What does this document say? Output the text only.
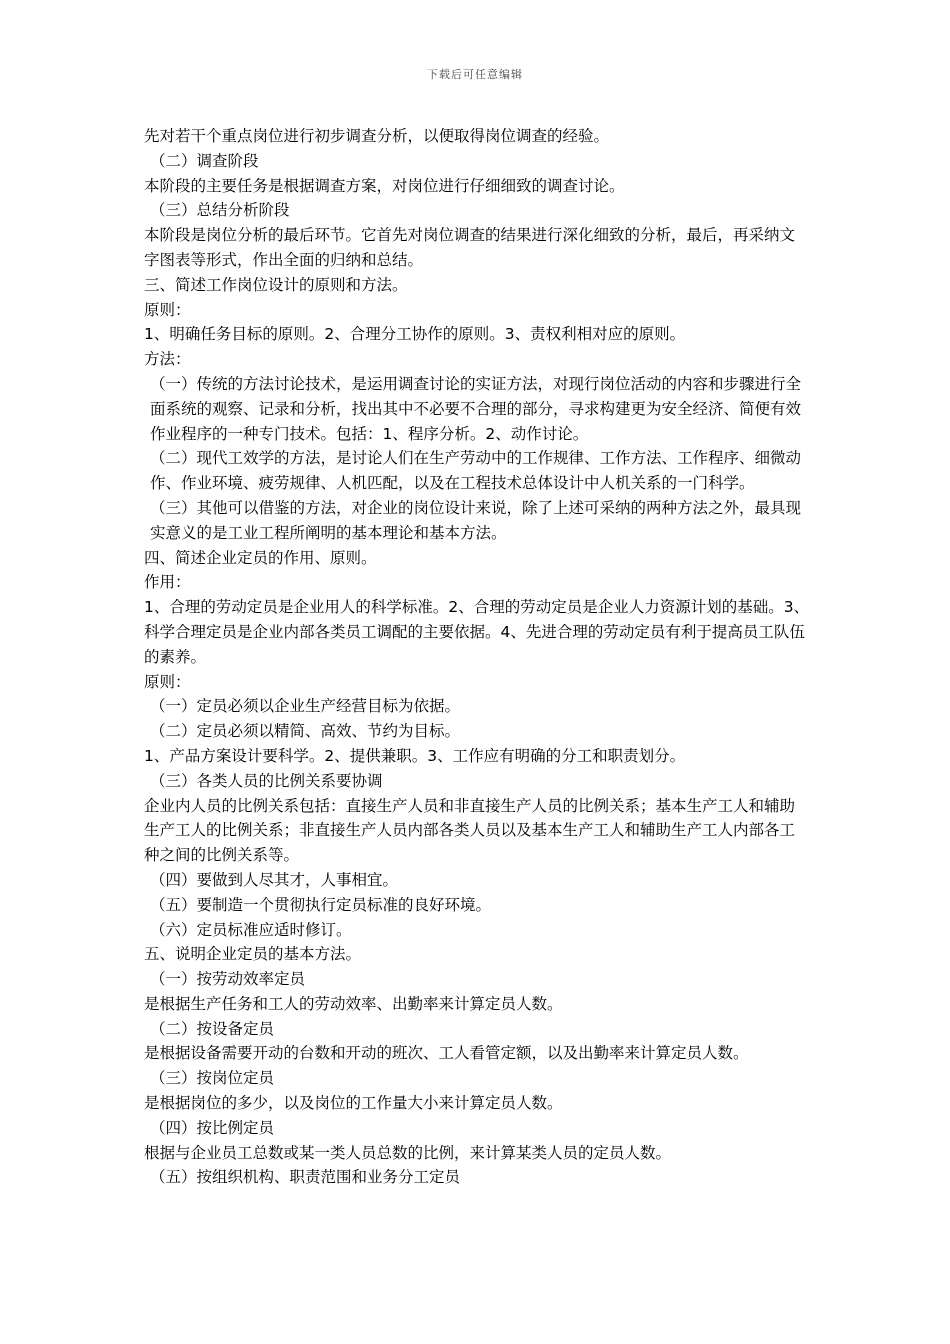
下载后可任意编辑

先对若干个重点岗位进行初步调查分析，以便取得岗位调查的经验。

（二）调查阶段

本阶段的主要任务是根据调查方案，对岗位进行仔细细致的调查讨论。

（三）总结分析阶段

本阶段是岗位分析的最后环节。它首先对岗位调查的结果进行深化细致的分析，最后，再采纳文字图表等形式，作出全面的归纳和总结。

三、简述工作岗位设计的原则和方法。

原则：

1、明确任务目标的原则。2、合理分工协作的原则。3、责权利相对应的原则。

方法：

（一）传统的方法讨论技术，是运用调查讨论的实证方法，对现行岗位活动的内容和步骤进行全面系统的观察、记录和分析，找出其中不必要不合理的部分，寻求构建更为安全经济、简便有效作业程序的一种专门技术。包括：1、程序分析。2、动作讨论。

（二）现代工效学的方法，是讨论人们在生产劳动中的工作规律、工作方法、工作程序、细微动作、作业环境、疲劳规律、人机匹配，以及在工程技术总体设计中人机关系的一门科学。

（三）其他可以借鉴的方法，对企业的岗位设计来说，除了上述可采纳的两种方法之外，最具现实意义的是工业工程所阐明的基本理论和基本方法。

四、简述企业定员的作用、原则。

作用：

1、合理的劳动定员是企业用人的科学标准。2、合理的劳动定员是企业人力资源计划的基础。3、科学合理定员是企业内部各类员工调配的主要依据。4、先进合理的劳动定员有利于提高员工队伍的素养。

原则：

（一）定员必须以企业生产经营目标为依据。

（二）定员必须以精简、高效、节约为目标。

1、产品方案设计要科学。2、提供兼职。3、工作应有明确的分工和职责划分。

（三）各类人员的比例关系要协调

企业内人员的比例关系包括：直接生产人员和非直接生产人员的比例关系；基本生产工人和辅助生产工人的比例关系；非直接生产人员内部各类人员以及基本生产工人和辅助生产工人内部各工种之间的比例关系等。

（四）要做到人尽其才，人事相宜。

（五）要制造一个贯彻执行定员标准的良好环境。

（六）定员标准应适时修订。

五、说明企业定员的基本方法。

（一）按劳动效率定员

是根据生产任务和工人的劳动效率、出勤率来计算定员人数。

（二）按设备定员

是根据设备需要开动的台数和开动的班次、工人看管定额，以及出勤率来计算定员人数。

（三）按岗位定员

是根据岗位的多少，以及岗位的工作量大小来计算定员人数。

（四）按比例定员

根据与企业员工总数或某一类人员总数的比例，来计算某类人员的定员人数。

（五）按组织机构、职责范围和业务分工定员
